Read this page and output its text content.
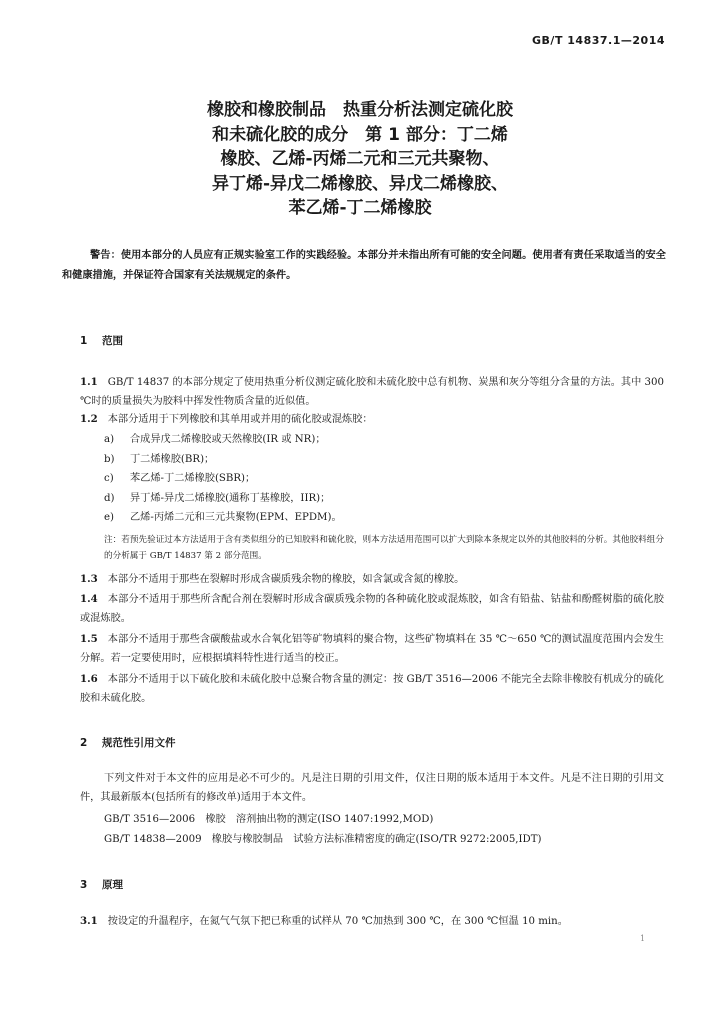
GB/T 14837.1—2014
橡胶和橡胶制品　热重分析法测定硫化胶
和未硫化胶的成分　第 1 部分：丁二烯
橡胶、乙烯-丙烯二元和三元共聚物、
异丁烯-异戊二烯橡胶、异戊二烯橡胶、
苯乙烯-丁二烯橡胶
警告：使用本部分的人员应有正规实验室工作的实践经验。本部分并未指出所有可能的安全问题。使用者有责任采取适当的安全和健康措施，并保证符合国家有关法规规定的条件。
1 范围
1.1 GB/T 14837 的本部分规定了使用热重分析仪测定硫化胶和未硫化胶中总有机物、炭黑和灰分等组分含量的方法。其中 300 ℃时的质量损失为胶料中挥发性物质含量的近似值。
1.2 本部分适用于下列橡胶和其单用或并用的硫化胶或混炼胶：
a) 合成异戊二烯橡胶或天然橡胶(IR 或 NR)；
b) 丁二烯橡胶(BR)；
c) 苯乙烯-丁二烯橡胶(SBR)；
d) 异丁烯-异戊二烯橡胶(通称丁基橡胶，IIR)；
e) 乙烯-丙烯二元和三元共聚物(EPM、EPDM)。
注：若预先验证过本方法适用于含有类似组分的已知胶料和硫化胶，则本方法适用范围可以扩大到除本条规定以外的其他胶料的分析。其他胶料组分的分析属于 GB/T 14837 第 2 部分范围。
1.3 本部分不适用于那些在裂解时形成含碳质残余物的橡胶，如含氯或含氮的橡胶。
1.4 本部分不适用于那些所含配合剂在裂解时形成含碳质残余物的各种硫化胶或混炼胶，如含有铅盐、钴盐和酚醛树脂的硫化胶或混炼胶。
1.5 本部分不适用于那些含碳酸盐或水合氧化铝等矿物填料的聚合物，这些矿物填料在 35 ℃～650 ℃的测试温度范围内会发生分解。若一定要使用时，应根据填料特性进行适当的校正。
1.6 本部分不适用于以下硫化胶和未硫化胶中总聚合物含量的测定：按 GB/T 3516—2006 不能完全去除非橡胶有机成分的硫化胶和未硫化胶。
2 规范性引用文件
下列文件对于本文件的应用是必不可少的。凡是注日期的引用文件，仅注日期的版本适用于本文件。凡是不注日期的引用文件，其最新版本(包括所有的修改单)适用于本文件。
GB/T 3516—2006　橡胶　溶剂抽出物的测定(ISO 1407:1992,MOD)
GB/T 14838—2009　橡胶与橡胶制品　试验方法标准精密度的确定(ISO/TR 9272:2005,IDT)
3 原理
3.1 按设定的升温程序，在氮气气氛下把已称重的试样从 70 ℃加热到 300 ℃，在 300 ℃恒温 10 min。
1
